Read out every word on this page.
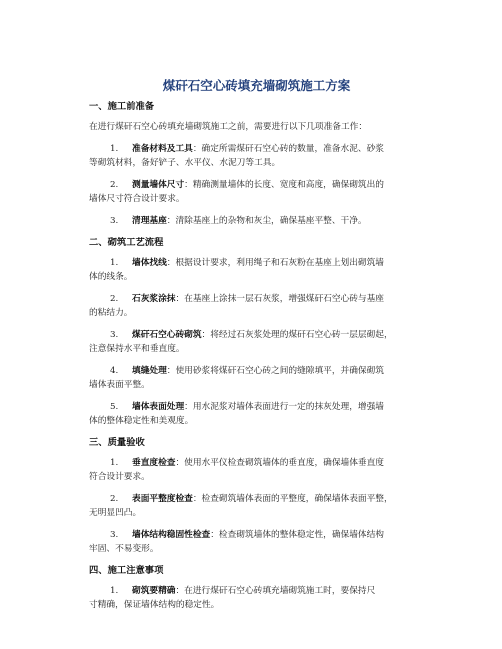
煤矸石空心砖填充墙砌筑施工方案
一、施工前准备
在进行煤矸石空心砖填充墙砌筑施工之前，需要进行以下几项准备工作：
1. 准备材料及工具：确定所需煤矸石空心砖的数量，准备水泥、砂浆
等砌筑材料，备好铲子、水平仪、水泥刀等工具。
2. 测量墙体尺寸：精确测量墙体的长度、宽度和高度，确保砌筑出的
墙体尺寸符合设计要求。
3. 清理基座：清除基座上的杂物和灰尘，确保基座平整、干净。
二、砌筑工艺流程
1. 墙体找线：根据设计要求，利用绳子和石灰粉在基座上划出砌筑墙
体的线条。
2. 石灰浆涂抹：在基座上涂抹一层石灰浆，增强煤矸石空心砖与基座
的粘结力。
3. 煤矸石空心砖砌筑：将经过石灰浆处理的煤矸石空心砖一层层砌起，
注意保持水平和垂直度。
4. 填缝处理：使用砂浆将煤矸石空心砖之间的缝隙填平，并确保砌筑
墙体表面平整。
5. 墙体表面处理：用水泥浆对墙体表面进行一定的抹灰处理，增强墙
体的整体稳定性和美观度。
三、质量验收
1. 垂直度检查：使用水平仪检查砌筑墙体的垂直度，确保墙体垂直度
符合设计要求。
2. 表面平整度检查：检查砌筑墙体表面的平整度，确保墙体表面平整，
无明显凹凸。
3. 墙体结构稳固性检查：检查砌筑墙体的整体稳定性，确保墙体结构
牢固、不易变形。
四、施工注意事项
1. 砌筑要精确：在进行煤矸石空心砖填充墙砌筑施工时，要保持尺
寸精确，保证墙体结构的稳定性。
